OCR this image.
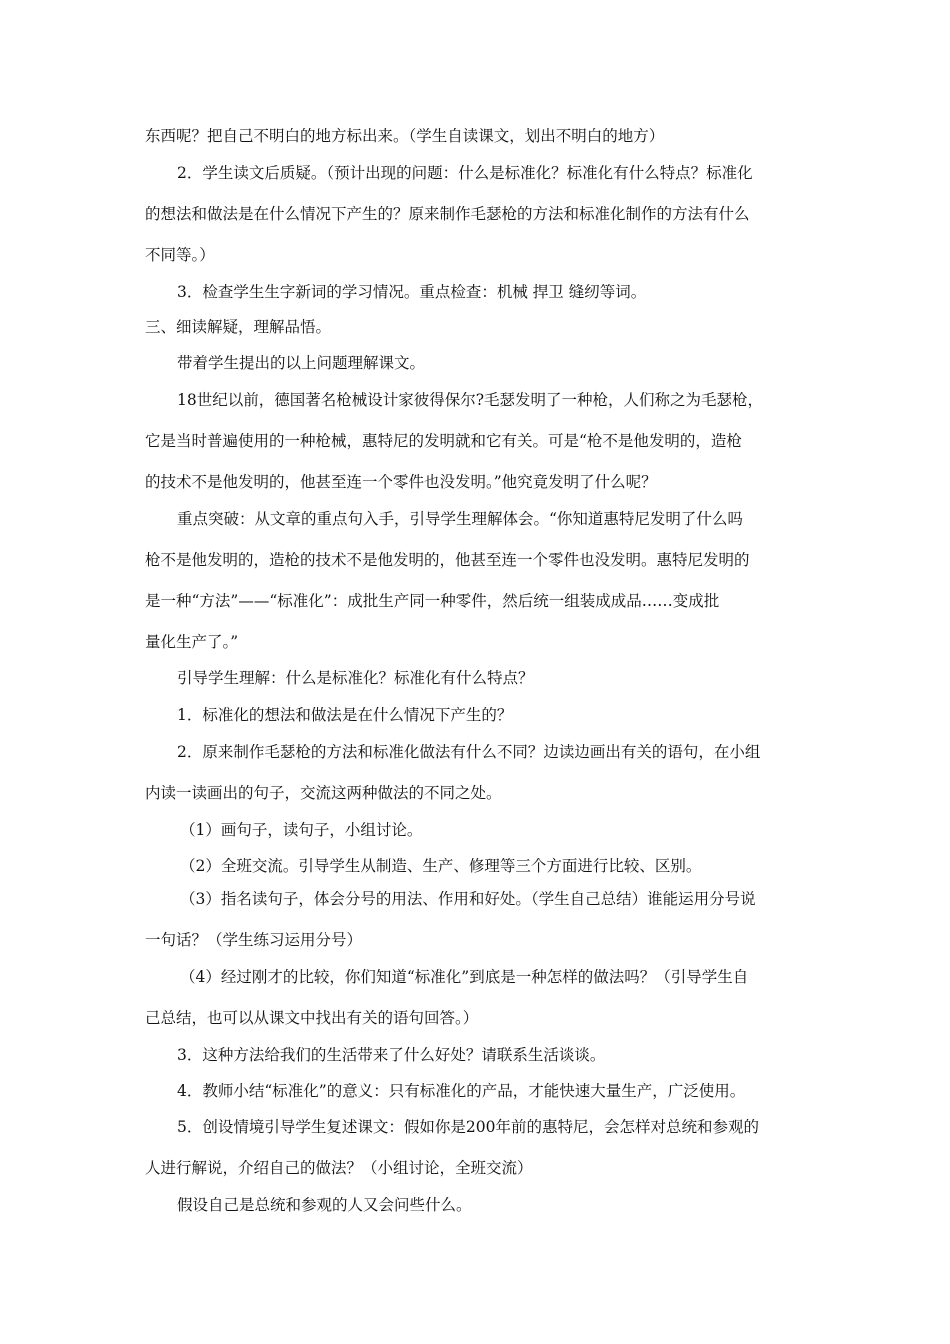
东西呢？把自己不明白的地方标出来。（学生自读课文，划出不明白的地方）

2．学生读文后质疑。（预计出现的问题：什么是标准化？标准化有什么特点？标准化

的想法和做法是在什么情况下产生的？原来制作毛瑟枪的方法和标准化制作的方法有什么

不同等。）

3．检查学生生字新词的学习情况。重点检查：机械 捍卫 缝纫等词。

三、细读解疑，理解品悟。

带着学生提出的以上问题理解课文。

18世纪以前，德国著名枪械设计家彼得保尔?毛瑟发明了一种枪，人们称之为毛瑟枪，

它是当时普遍使用的一种枪械，惠特尼的发明就和它有关。可是“枪不是他发明的，造枪

的技术不是他发明的，他甚至连一个零件也没发明。”他究竟发明了什么呢？

重点突破：从文章的重点句入手，引导学生理解体会。“你知道惠特尼发明了什么吗

枪不是他发明的，造枪的技术不是他发明的，他甚至连一个零件也没发明。惠特尼发明的

是一种“方法”——“标准化”：成批生产同一种零件，然后统一组装成成品……变成批

量化生产了。”

引导学生理解：什么是标准化？标准化有什么特点？

1．标准化的想法和做法是在什么情况下产生的？

2．原来制作毛瑟枪的方法和标准化做法有什么不同？边读边画出有关的语句，在小组

内读一读画出的句子，交流这两种做法的不同之处。

（1）画句子，读句子，小组讨论。

（2）全班交流。引导学生从制造、生产、修理等三个方面进行比较、区别。

（3）指名读句子，体会分号的用法、作用和好处。（学生自己总结）谁能运用分号说

一句话？（学生练习运用分号）

（4）经过刚才的比较，你们知道“标准化”到底是一种怎样的做法吗？（引导学生自

己总结，也可以从课文中找出有关的语句回答。）

3．这种方法给我们的生活带来了什么好处？请联系生活谈谈。

4．教师小结“标准化”的意义：只有标准化的产品，才能快速大量生产，广泛使用。

5．创设情境引导学生复述课文：假如你是200年前的惠特尼，会怎样对总统和参观的

人进行解说，介绍自己的做法？（小组讨论，全班交流）

假设自己是总统和参观的人又会问些什么。
